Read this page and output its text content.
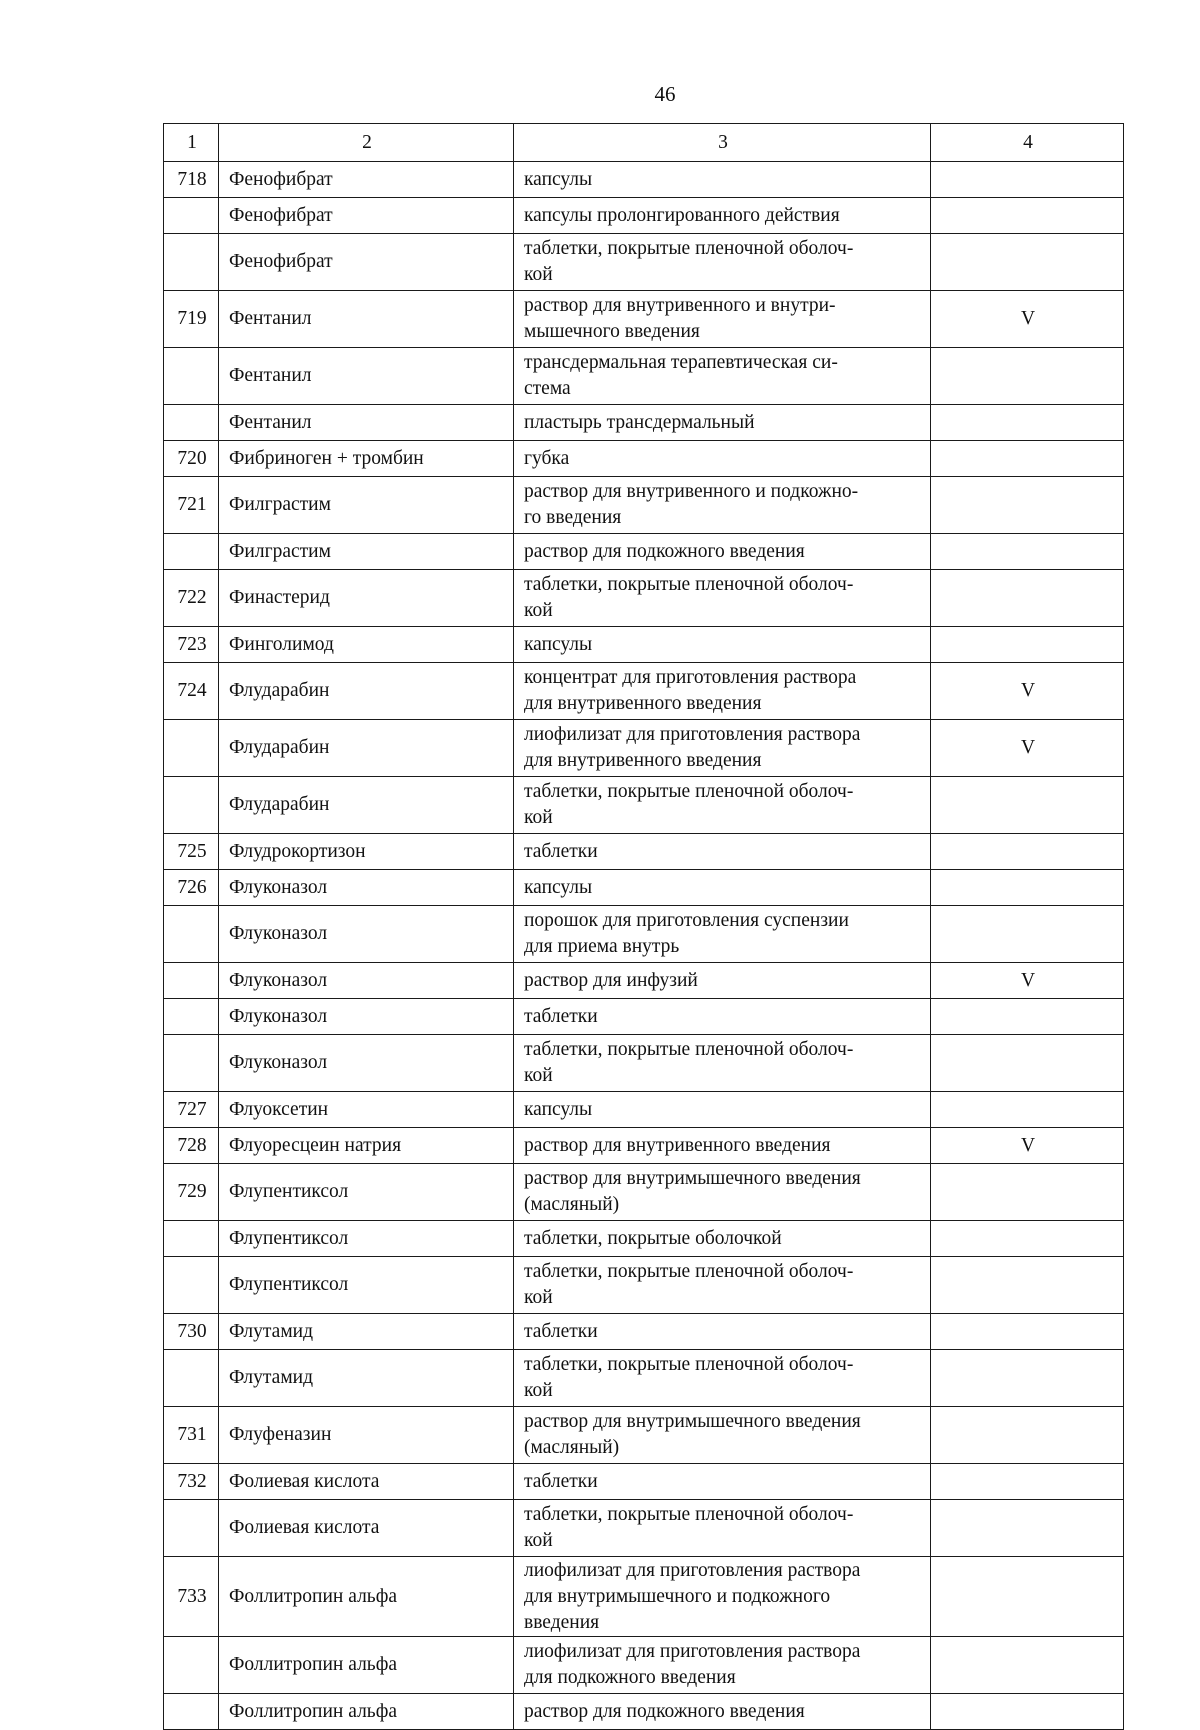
46
1	2	3	4
718	Фенофибрат	капсулы	
	Фенофибрат	капсулы пролонгированного действия	
	Фенофибрат	таблетки, покрытые пленочной оболоч-
кой	
719	Фентанил	раствор для внутривенного и внутри-
мышечного введения	V
	Фентанил	трансдермальная терапевтическая си-
стема	
	Фентанил	пластырь трансдермальный	
720	Фибриноген + тромбин	губка	
721	Филграстим	раствор для внутривенного и подкожно-
го введения	
	Филграстим	раствор для подкожного введения	
722	Финастерид	таблетки, покрытые пленочной оболоч-
кой	
723	Финголимод	капсулы	
724	Флударабин	концентрат для приготовления раствора
для внутривенного введения	V
	Флударабин	лиофилизат для приготовления раствора
для внутривенного введения	V
	Флударабин	таблетки, покрытые пленочной оболоч-
кой	
725	Флудрокортизон	таблетки	
726	Флуконазол	капсулы	
	Флуконазол	порошок для приготовления суспензии
для приема внутрь	
	Флуконазол	раствор для инфузий	V
	Флуконазол	таблетки	
	Флуконазол	таблетки, покрытые пленочной оболоч-
кой	
727	Флуоксетин	капсулы	
728	Флуоресцеин натрия	раствор для внутривенного введения	V
729	Флупентиксол	раствор для внутримышечного введения
(масляный)	
	Флупентиксол	таблетки, покрытые оболочкой	
	Флупентиксол	таблетки, покрытые пленочной оболоч-
кой	
730	Флутамид	таблетки	
	Флутамид	таблетки, покрытые пленочной оболоч-
кой	
731	Флуфеназин	раствор для внутримышечного введения
(масляный)	
732	Фолиевая кислота	таблетки	
	Фолиевая кислота	таблетки, покрытые пленочной оболоч-
кой	
733	Фоллитропин альфа	лиофилизат для приготовления раствора
для внутримышечного и подкожного
введения	
	Фоллитропин альфа	лиофилизат для приготовления раствора
для подкожного введения	
	Фоллитропин альфа	раствор для подкожного введения	
